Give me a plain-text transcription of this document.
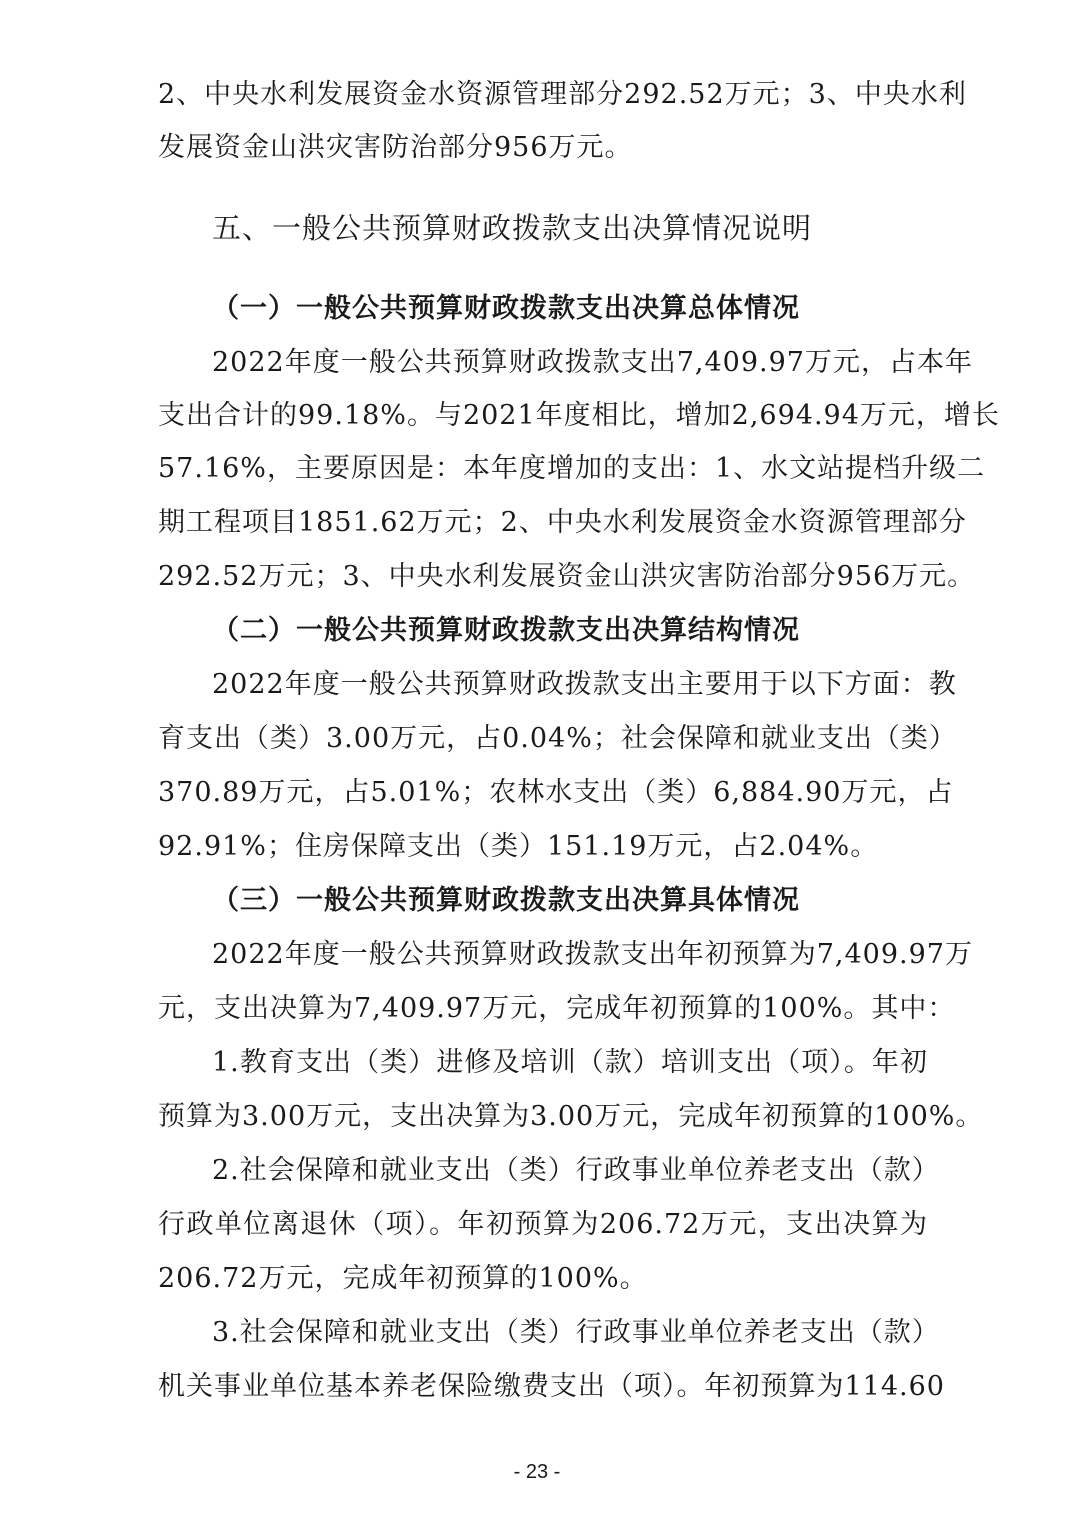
2、中央水利发展资金水资源管理部分292.52万元；3、中央水利
发展资金山洪灾害防治部分956万元。
五、一般公共预算财政拨款支出决算情况说明
（一）一般公共预算财政拨款支出决算总体情况
2022年度一般公共预算财政拨款支出7,409.97万元，占本年
支出合计的99.18%。与2021年度相比，增加2,694.94万元，增长
57.16%，主要原因是：本年度增加的支出：1、水文站提档升级二
期工程项目1851.62万元；2、中央水利发展资金水资源管理部分
292.52万元；3、中央水利发展资金山洪灾害防治部分956万元。
（二）一般公共预算财政拨款支出决算结构情况
2022年度一般公共预算财政拨款支出主要用于以下方面：教
育支出（类）3.00万元，占0.04%；社会保障和就业支出（类）
370.89万元，占5.01%；农林水支出（类）6,884.90万元，占
92.91%；住房保障支出（类）151.19万元，占2.04%。
（三）一般公共预算财政拨款支出决算具体情况
2022年度一般公共预算财政拨款支出年初预算为7,409.97万
元，支出决算为7,409.97万元，完成年初预算的100%。其中：
1.教育支出（类）进修及培训（款）培训支出（项）。年初
预算为3.00万元，支出决算为3.00万元，完成年初预算的100%。
2.社会保障和就业支出（类）行政事业单位养老支出（款）
行政单位离退休（项）。年初预算为206.72万元，支出决算为
206.72万元，完成年初预算的100%。
3.社会保障和就业支出（类）行政事业单位养老支出（款）
机关事业单位基本养老保险缴费支出（项）。年初预算为114.60
- 23 -
